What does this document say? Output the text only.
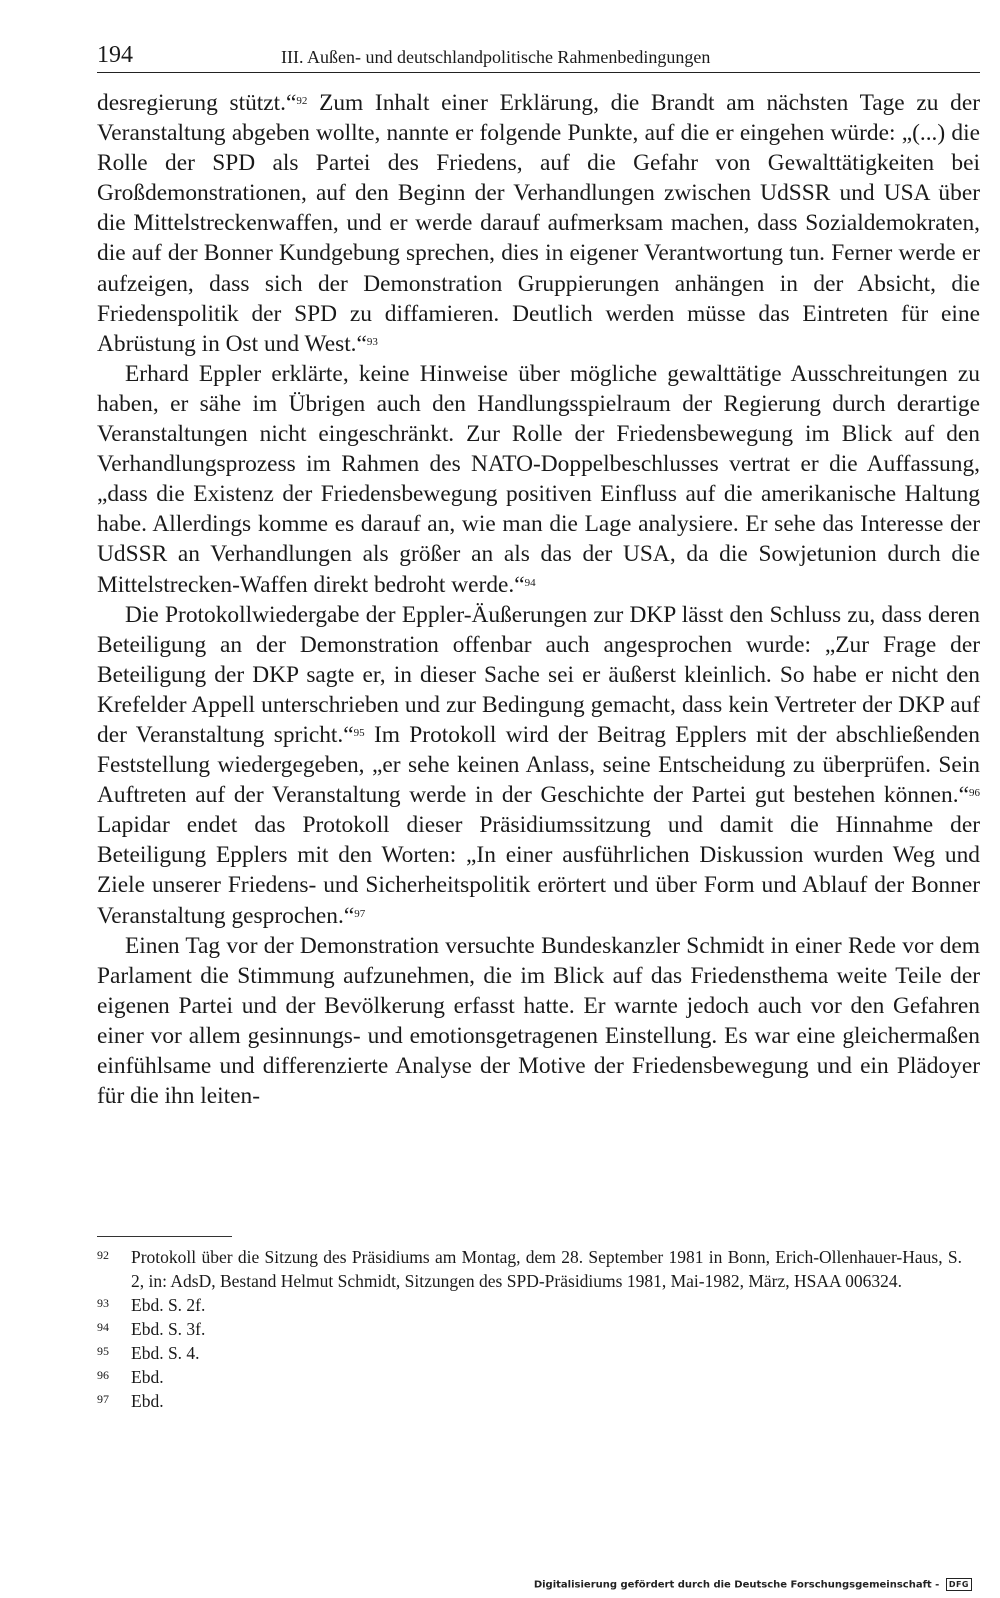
194	III. Außen- und deutschlandpolitische Rahmenbedingungen

desregierung stützt.“$^{92}$ Zum Inhalt einer Erklärung, die Brandt am nächsten Tage zu der Veranstaltung abgeben wollte, nannte er folgende Punkte, auf die er eingehen würde: „(...) die Rolle der SPD als Partei des Friedens, auf die Gefahr von Gewalttätigkeiten bei Großdemonstrationen, auf den Beginn der Verhandlungen zwischen UdSSR und USA über die Mittelstreckenwaffen, und er werde darauf aufmerksam machen, dass Sozialdemokraten, die auf der Bonner Kundgebung sprechen, dies in eigener Verantwortung tun. Ferner werde er aufzeigen, dass sich der Demonstration Gruppierungen anhängen in der Absicht, die Friedenspolitik der SPD zu diffamieren. Deutlich werden müsse das Eintreten für eine Abrüstung in Ost und West.“$^{93}$

Erhard Eppler erklärte, keine Hinweise über mögliche gewalttätige Ausschreitungen zu haben, er sähe im Übrigen auch den Handlungsspielraum der Regierung durch derartige Veranstaltungen nicht eingeschränkt. Zur Rolle der Friedensbewegung im Blick auf den Verhandlungsprozess im Rahmen des NATO-Doppelbeschlusses vertrat er die Auffassung, „dass die Existenz der Friedensbewegung positiven Einfluss auf die amerikanische Haltung habe. Allerdings komme es darauf an, wie man die Lage analysiere. Er sehe das Interesse der UdSSR an Verhandlungen als größer an als das der USA, da die Sowjetunion durch die Mittelstrecken-Waffen direkt bedroht werde.“$^{94}$

Die Protokollwiedergabe der Eppler-Äußerungen zur DKP lässt den Schluss zu, dass deren Beteiligung an der Demonstration offenbar auch angesprochen wurde: „Zur Frage der Beteiligung der DKP sagte er, in dieser Sache sei er äußerst kleinlich. So habe er nicht den Krefelder Appell unterschrieben und zur Bedingung gemacht, dass kein Vertreter der DKP auf der Veranstaltung spricht.“$^{95}$ Im Protokoll wird der Beitrag Epplers mit der abschließenden Feststellung wiedergegeben, „er sehe keinen Anlass, seine Entscheidung zu überprüfen. Sein Auftreten auf der Veranstaltung werde in der Geschichte der Partei gut bestehen können.“$^{96}$ Lapidar endet das Protokoll dieser Präsidiumssitzung und damit die Hinnahme der Beteiligung Epplers mit den Worten: „In einer ausführlichen Diskussion wurden Weg und Ziele unserer Friedens- und Sicherheitspolitik erörtert und über Form und Ablauf der Bonner Veranstaltung gesprochen.“$^{97}$

Einen Tag vor der Demonstration versuchte Bundeskanzler Schmidt in einer Rede vor dem Parlament die Stimmung aufzunehmen, die im Blick auf das Friedensthema weite Teile der eigenen Partei und der Bevölkerung erfasst hatte. Er warnte jedoch auch vor den Gefahren einer vor allem gesinnungs- und emotionsgetragenen Einstellung. Es war eine gleichermaßen einfühlsame und differenzierte Analyse der Motive der Friedensbewegung und ein Plädoyer für die ihn leiten-

92 Protokoll über die Sitzung des Präsidiums am Montag, dem 28. September 1981 in Bonn, Erich-Ollenhauer-Haus, S. 2, in: AdsD, Bestand Helmut Schmidt, Sitzungen des SPD-Präsidiums 1981, Mai-1982, März, HSAA 006324.
93 Ebd. S. 2f.
94 Ebd. S. 3f.
95 Ebd. S. 4.
96 Ebd.
97 Ebd.
Digitalisierung gefördert durch die Deutsche Forschungsgemeinschaft - DFG
